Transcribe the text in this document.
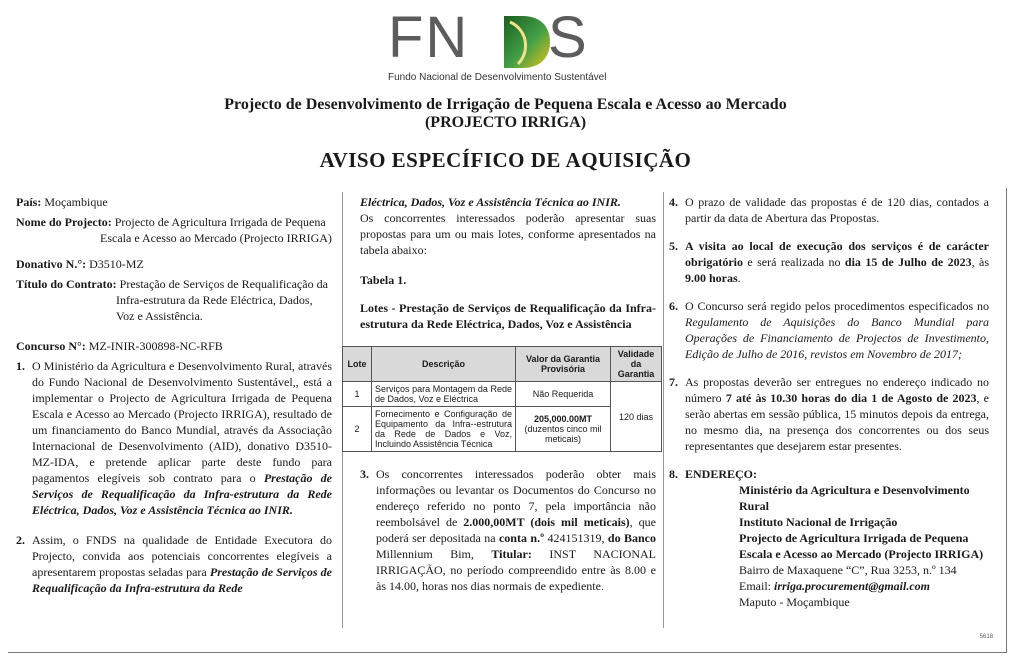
FN S
Fundo Nacional de Desenvolvimento Sustentável
Projecto de Desenvolvimento de Irrigação de Pequena Escala e Acesso ao Mercado
(PROJECTO IRRIGA)
AVISO ESPECÍFICO DE AQUISIÇÃO

País: Moçambique

Nome do Projecto: Projecto de Agricultura Irrigada de Pequena Escala e Acesso ao Mercado (Projecto IRRIGA)

Donativo N.°: D3510-MZ

Título do Contrato: Prestação de Serviços de Requalificação da Infra-estrutura da Rede Eléctrica, Dados, Voz e Assistência.

Concurso N°: MZ-INIR-300898-NC-RFB

1. O Ministério da Agricultura e Desenvolvimento Rural, através do Fundo Nacional de Desenvolvimento Sustentável,, está a implementar o Projecto de Agricultura Irrigada de Pequena Escala e Acesso ao Mercado (Projecto IRRIGA), resultado de um financiamento do Banco Mundial, através da Associação Internacional de Desenvolvimento (AID), donativo D3510-MZ-IDA, e pretende aplicar parte deste fundo para pagamentos elegíveis sob contrato para o Prestação de Serviços de Requalificação da Infra-estrutura da Rede Eléctrica, Dados, Voz e Assistência Técnica ao INIR.

2. Assim, o FNDS na qualidade de Entidade Executora do Projecto, convida aos potenciais concorrentes elegíveis a apresentarem propostas seladas para Prestação de Serviços de Requalificação da Infra-estrutura da Rede

Eléctrica, Dados, Voz e Assistência Técnica ao INIR.

Os concorrentes interessados poderão apresentar suas propostas para um ou mais lotes, conforme apresentados na tabela abaixo:

Tabela 1.

Lotes - Prestação de Serviços de Requalificação da Infra-estrutura da Rede Eléctrica, Dados, Voz e Assistência

Lote	Descrição	Valor da Garantia Provisória	Validade da Garantia
1	Serviços para Montagem da Rede de Dados, Voz e Eléctrica	Não Requerida	120 dias
2	Fornecimento e Configuração de Equipamento da Infra--estrutura da Rede de Dados e Voz, Incluindo Assistência Técnica	205,000.00MT
(duzentos cinco mil meticais)	

3. Os concorrentes interessados poderão obter mais informações ou levantar os Documentos do Concurso no endereço referido no ponto 7, pela importância não reembolsável de 2.000,00MT (dois mil meticais), que poderá ser depositada na conta n.º 424151319, do Banco Millennium Bim, Titular: INST NACIONAL IRRIGAÇÃO, no período compreendido entre às 8.00 e às 14.00, horas nos dias normais de expediente.

4. O prazo de validade das propostas é de 120 dias, contados a partir da data de Abertura das Propostas.

5. A visita ao local de execução dos serviços é de carácter obrigatório e será realizada no dia 15 de Julho de 2023, às 9.00 horas.

6. O Concurso será regido pelos procedimentos especificados no Regulamento de Aquisições do Banco Mundial para Operações de Financiamento de Projectos de Investimento, Edição de Julho de 2016, revistos em Novembro de 2017;

7. As propostas deverão ser entregues no endereço indicado no número 7 até às 10.30 horas do dia 1 de Agosto de 2023, e serão abertas em sessão pública, 15 minutos depois da entrega, no mesmo dia, na presença dos concorrentes ou dos seus representantes que desejarem estar presentes.

8. ENDEREÇO:

Ministério da Agricultura e Desenvolvimento Rural

Instituto Nacional de Irrigação

Projecto de Agricultura Irrigada de Pequena Escala e Acesso ao Mercado (Projecto IRRIGA)

Bairro de Maxaquene “C”, Rua 3253, n.º 134

Email: irriga.procurement@gmail.com

Maputo - Moçambique

5618
